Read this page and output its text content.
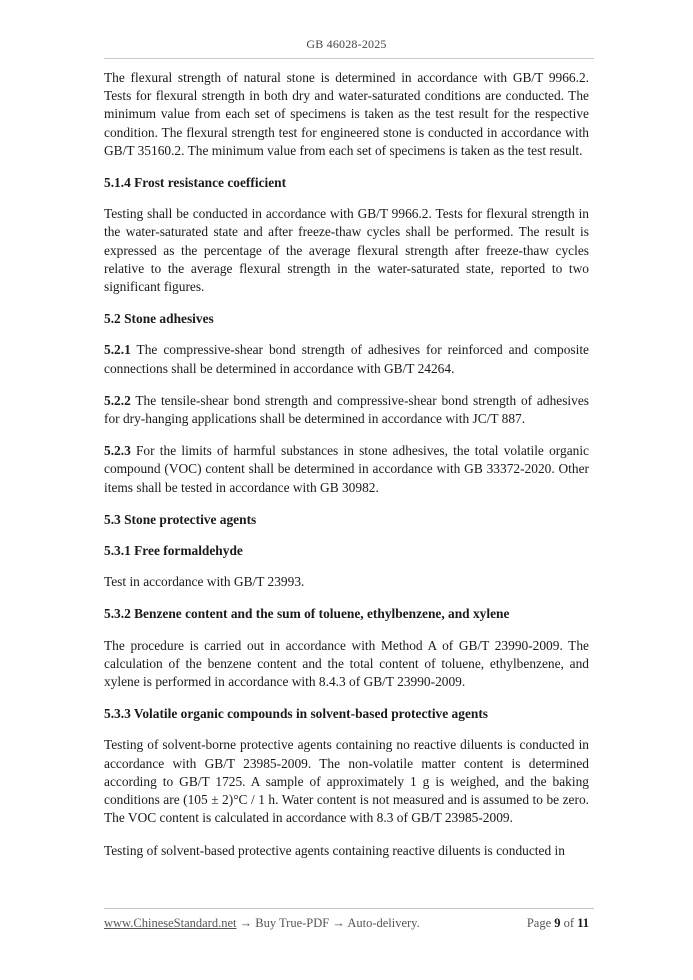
GB 46028-2025

The flexural strength of natural stone is determined in accordance with GB/T 9966.2. Tests for flexural strength in both dry and water-saturated conditions are conducted. The minimum value from each set of specimens is taken as the test result for the respective condition. The flexural strength test for engineered stone is conducted in accordance with GB/T 35160.2. The minimum value from each set of specimens is taken as the test result.

5.1.4 Frost resistance coefficient

Testing shall be conducted in accordance with GB/T 9966.2. Tests for flexural strength in the water-saturated state and after freeze-thaw cycles shall be performed. The result is expressed as the percentage of the average flexural strength after freeze-thaw cycles relative to the average flexural strength in the water-saturated state, reported to two significant figures.

5.2 Stone adhesives

5.2.1 The compressive-shear bond strength of adhesives for reinforced and composite connections shall be determined in accordance with GB/T 24264.

5.2.2 The tensile-shear bond strength and compressive-shear bond strength of adhesives for dry-hanging applications shall be determined in accordance with JC/T 887.

5.2.3 For the limits of harmful substances in stone adhesives, the total volatile organic compound (VOC) content shall be determined in accordance with GB 33372-2020. Other items shall be tested in accordance with GB 30982.

5.3 Stone protective agents
5.3.1 Free formaldehyde

Test in accordance with GB/T 23993.

5.3.2 Benzene content and the sum of toluene, ethylbenzene, and xylene

The procedure is carried out in accordance with Method A of GB/T 23990-2009. The calculation of the benzene content and the total content of toluene, ethylbenzene, and xylene is performed in accordance with 8.4.3 of GB/T 23990-2009.

5.3.3 Volatile organic compounds in solvent-based protective agents

Testing of solvent-borne protective agents containing no reactive diluents is conducted in accordance with GB/T 23985-2009. The non-volatile matter content is determined according to GB/T 1725. A sample of approximately 1 g is weighed, and the baking conditions are (105 ± 2)°C / 1 h. Water content is not measured and is assumed to be zero. The VOC content is calculated in accordance with 8.3 of GB/T 23985-2009.

Testing of solvent-based protective agents containing reactive diluents is conducted in

www.ChineseStandard.net → Buy True-PDF → Auto-delivery.	Page 9 of 11
